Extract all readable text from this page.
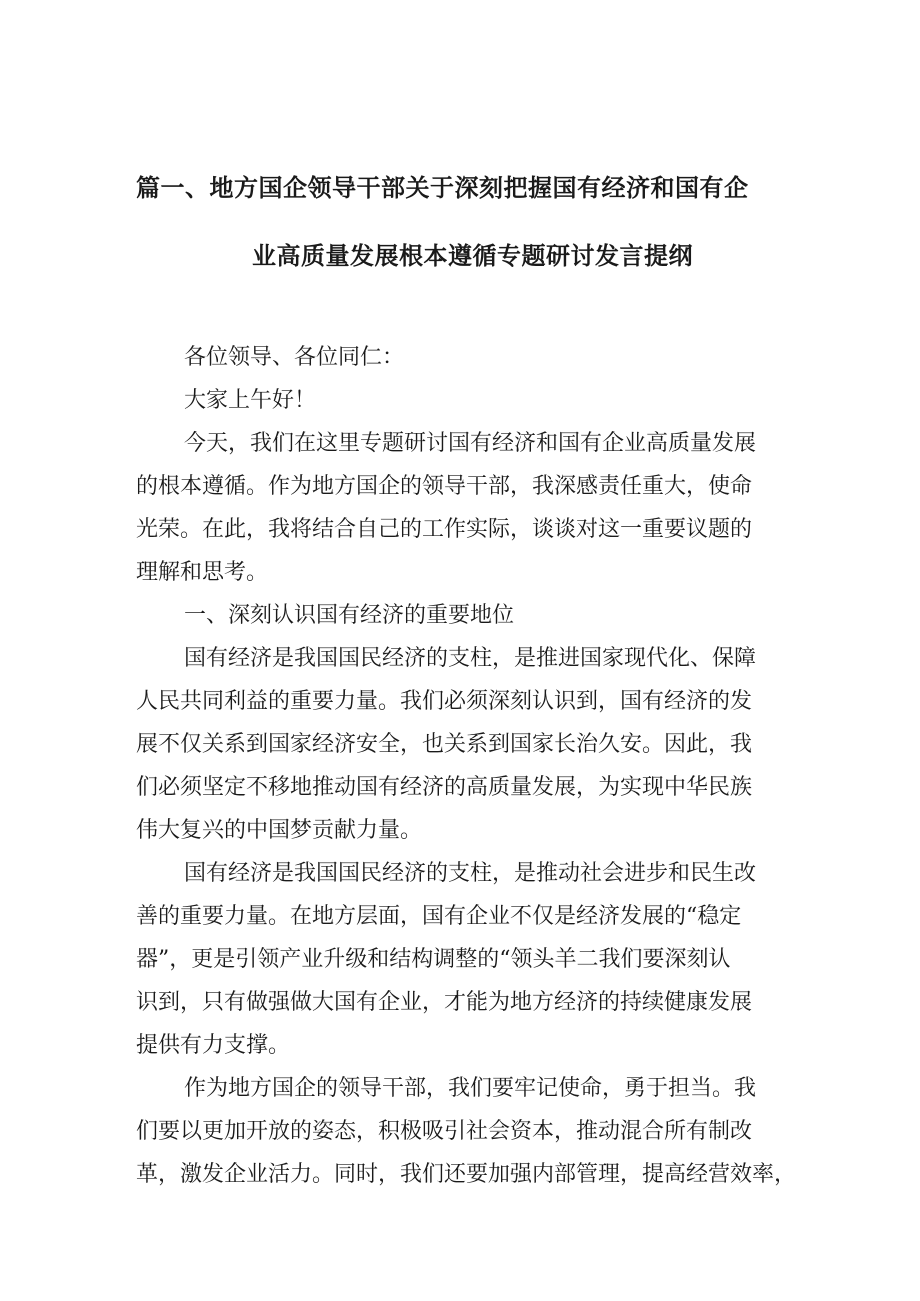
篇一、地方国企领导干部关于深刻把握国有经济和国有企
业高质量发展根本遵循专题研讨发言提纲
各位领导、各位同仁：
大家上午好！
今天，我们在这里专题研讨国有经济和国有企业高质量发展
的根本遵循。作为地方国企的领导干部，我深感责任重大，使命
光荣。在此，我将结合自己的工作实际，谈谈对这一重要议题的
理解和思考。
一、深刻认识国有经济的重要地位
国有经济是我国国民经济的支柱，是推进国家现代化、保障
人民共同利益的重要力量。我们必须深刻认识到，国有经济的发
展不仅关系到国家经济安全，也关系到国家长治久安。因此，我
们必须坚定不移地推动国有经济的高质量发展，为实现中华民族
伟大复兴的中国梦贡献力量。
国有经济是我国国民经济的支柱，是推动社会进步和民生改
善的重要力量。在地方层面，国有企业不仅是经济发展的“稳定
器”，更是引领产业升级和结构调整的“领头羊二我们要深刻认
识到，只有做强做大国有企业，才能为地方经济的持续健康发展
提供有力支撑。
作为地方国企的领导干部，我们要牢记使命，勇于担当。我
们要以更加开放的姿态，积极吸引社会资本，推动混合所有制改
革，激发企业活力。同时，我们还要加强内部管理，提高经营效率，
